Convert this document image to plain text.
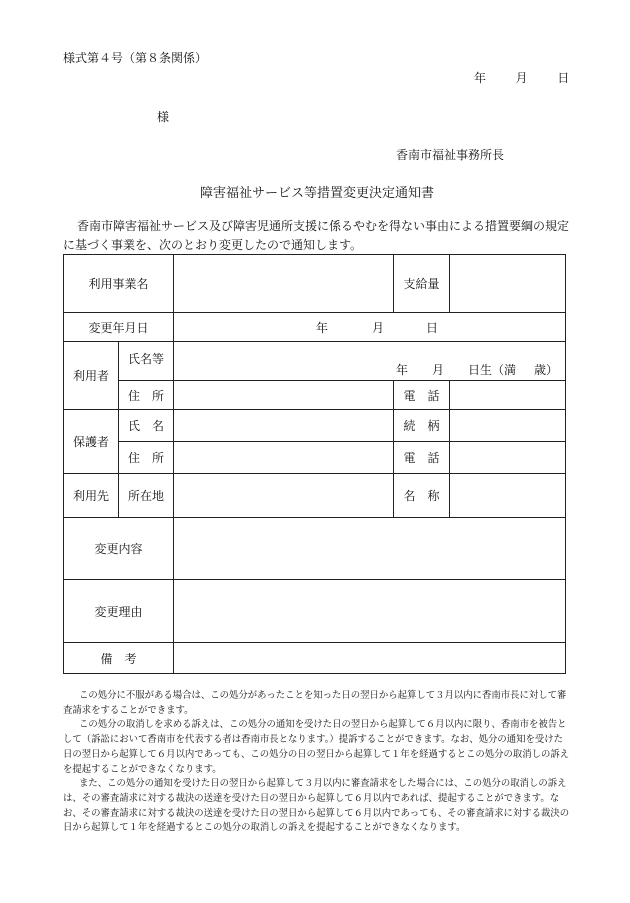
様式第４号（第８条関係）
年 月 日
様
香南市福祉事務所長
障害福祉サービス等措置変更決定通知書
香南市障害福祉サービス及び障害児通所支援に係るやむを得ない事由による措置要綱の規定に基づく事業を、次のとおり変更したので通知します。
利用事業名		支給量	
変更年月日	年 月 日		
利用者	氏名等	年 月 日生（満 歳）		
	住　所		電　話	
保護者	氏　名		続　柄	
	住　所		電　話	
利用先	所在地		名　称	
変更内容				
変更理由				
備　考				

この処分に不服がある場合は、この処分があったことを知った日の翌日から起算して３月以内に香南市長に対して審査請求をすることができます。

この処分の取消しを求める訴えは、この処分の通知を受けた日の翌日から起算して６月以内に限り、香南市を被告として（訴訟において香南市を代表する者は香南市長となります。）提訴することができます。なお、処分の通知を受けた日の翌日から起算して６月以内であっても、この処分の日の翌日から起算して１年を経過するとこの処分の取消しの訴えを提起することができなくなります。

また、この処分の通知を受けた日の翌日から起算して３月以内に審査請求をした場合には、この処分の取消しの訴えは、その審査請求に対する裁決の送達を受けた日の翌日から起算して６月以内であれば、提起することができます。なお、その審査請求に対する裁決の送達を受けた日の翌日から起算して６月以内であっても、その審査請求に対する裁決の日から起算して１年を経過するとこの処分の取消しの訴えを提起することができなくなります。
